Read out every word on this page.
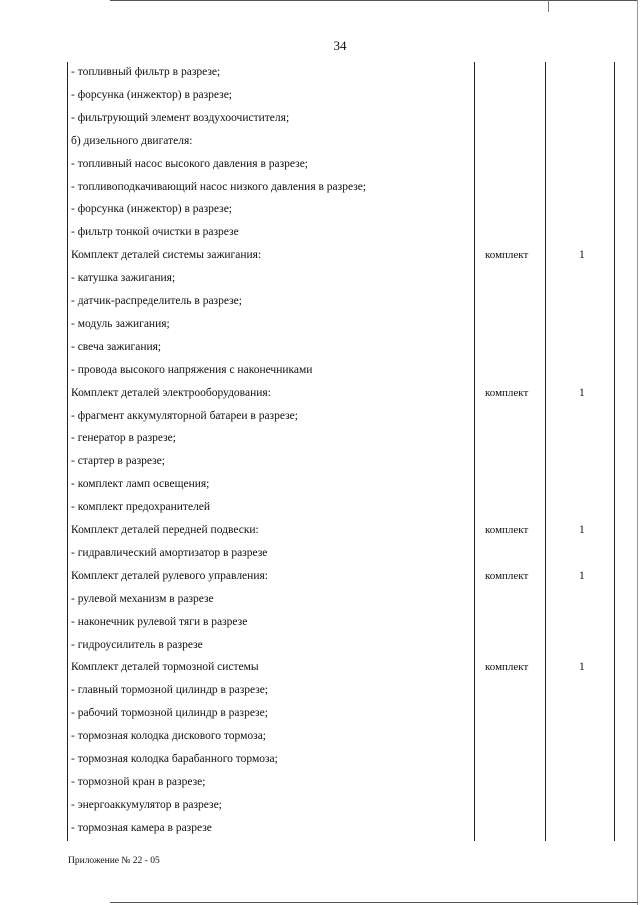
34
- топливный фильтр в разрезе;
- форсунка (инжектор) в разрезе;
- фильтрующий элемент воздухоочистителя;
б) дизельного двигателя:
- топливный насос высокого давления в разрезе;
- топливоподкачивающий насос низкого давления в разрезе;
- форсунка (инжектор) в разрезе;
- фильтр тонкой очистки в разрезе
Комплект деталей системы зажигания:	комплект	1
- катушка зажигания;
- датчик-распределитель в разрезе;
- модуль зажигания;
- свеча зажигания;
- провода высокого напряжения с наконечниками
Комплект деталей электрооборудования:	комплект	1
- фрагмент аккумуляторной батареи в разрезе;
- генератор в разрезе;
- стартер в разрезе;
- комплект ламп освещения;
- комплект предохранителей
Комплект деталей передней подвески:	комплект	1
- гидравлический амортизатор в разрезе
Комплект деталей рулевого управления:	комплект	1
- рулевой механизм в разрезе
- наконечник рулевой тяги в разрезе
- гидроусилитель в разрезе
Комплект деталей тормозной системы	комплект	1
- главный тормозной цилиндр в разрезе;
- рабочий тормозной цилиндр в разрезе;
- тормозная колодка дискового тормоза;
- тормозная колодка барабанного тормоза;
- тормозной кран в разрезе;
- энергоаккумулятор в разрезе;
- тормозная камера в разрезе
Приложение № 22 - 05
